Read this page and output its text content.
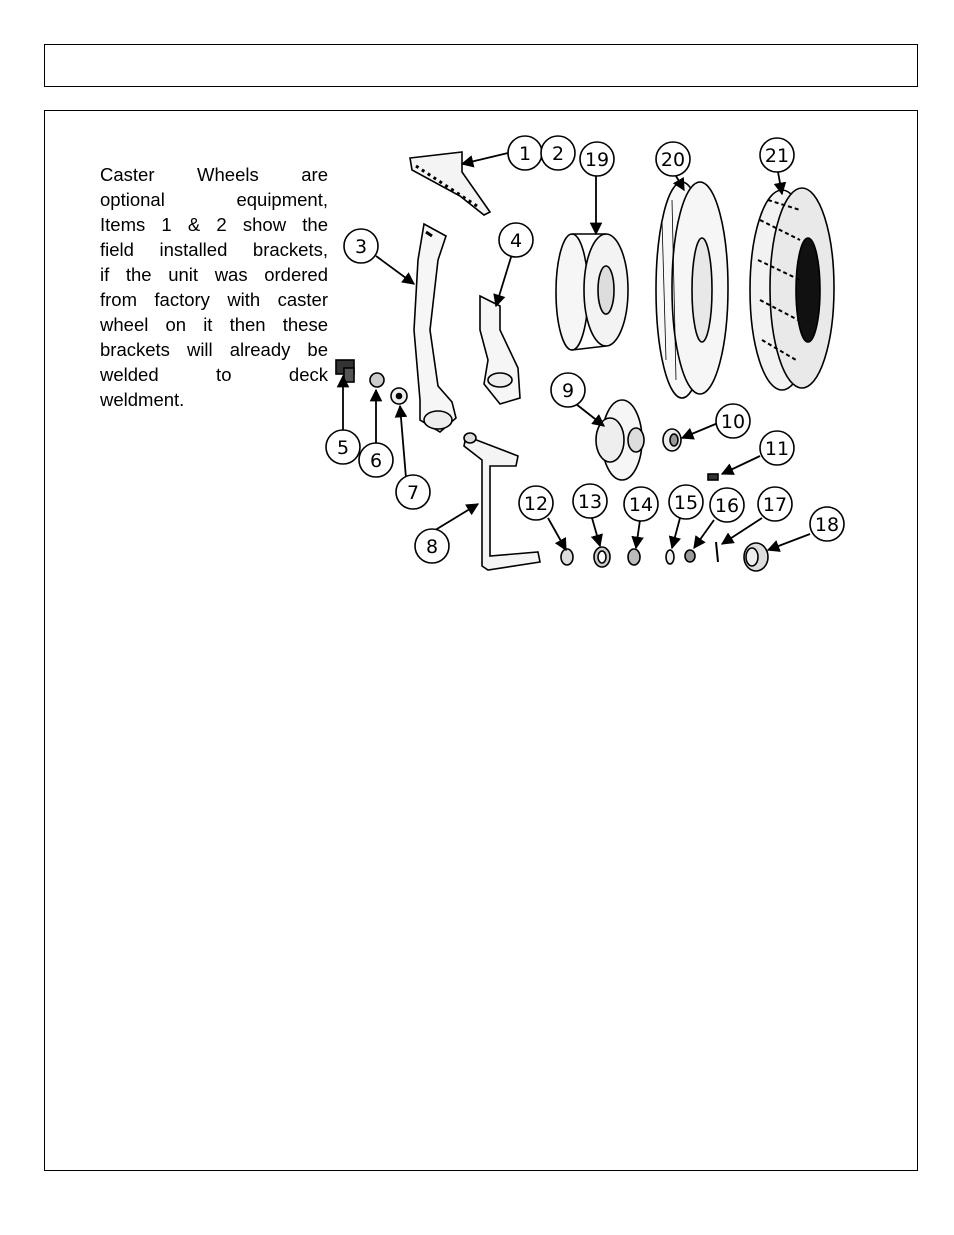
Caster Wheels are
optional equipment,
Items 1 & 2 show the
field installed brackets,
if the unit was ordered
from factory with caster
wheel on it then these
brackets will already be
welded to deck
weldment.

1 2
3	4
5
6
7
8
9
10
11
12 13 14 15 16 17
18
19	20	21
